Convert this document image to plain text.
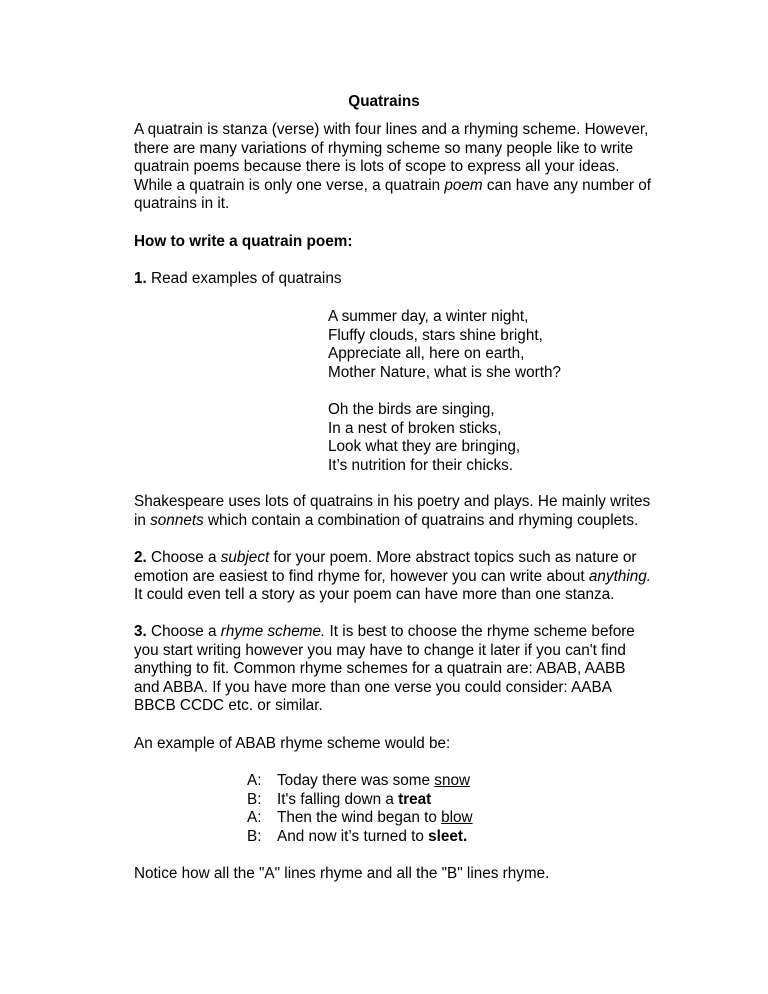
Quatrains

A quatrain is stanza (verse) with four lines and a rhyming scheme. However, there are many variations of rhyming scheme so many people like to write quatrain poems because there is lots of scope to express all your ideas. While a quatrain is only one verse, a quatrain poem can have any number of quatrains in it.

How to write a quatrain poem:

1. Read examples of quatrains

A summer day, a winter night,
Fluffy clouds, stars shine bright,
Appreciate all, here on earth,
Mother Nature, what is she worth?
Oh the birds are singing,
In a nest of broken sticks,
Look what they are bringing,
It’s nutrition for their chicks.

Shakespeare uses lots of quatrains in his poetry and plays. He mainly writes in sonnets which contain a combination of quatrains and rhyming couplets.

2. Choose a subject for your poem. More abstract topics such as nature or emotion are easiest to find rhyme for, however you can write about anything. It could even tell a story as your poem can have more than one stanza.

3. Choose a rhyme scheme. It is best to choose the rhyme scheme before you start writing however you may have to change it later if you can't find anything to fit. Common rhyme schemes for a quatrain are: ABAB, AABB and ABBA. If you have more than one verse you could consider: AABA BBCB CCDC etc. or similar.

An example of ABAB rhyme scheme would be:

A:	Today there was some snow
B:	It's falling down a treat
A:	Then the wind began to blow
B:	And now it’s turned to sleet.

Notice how all the "A" lines rhyme and all the "B" lines rhyme.
